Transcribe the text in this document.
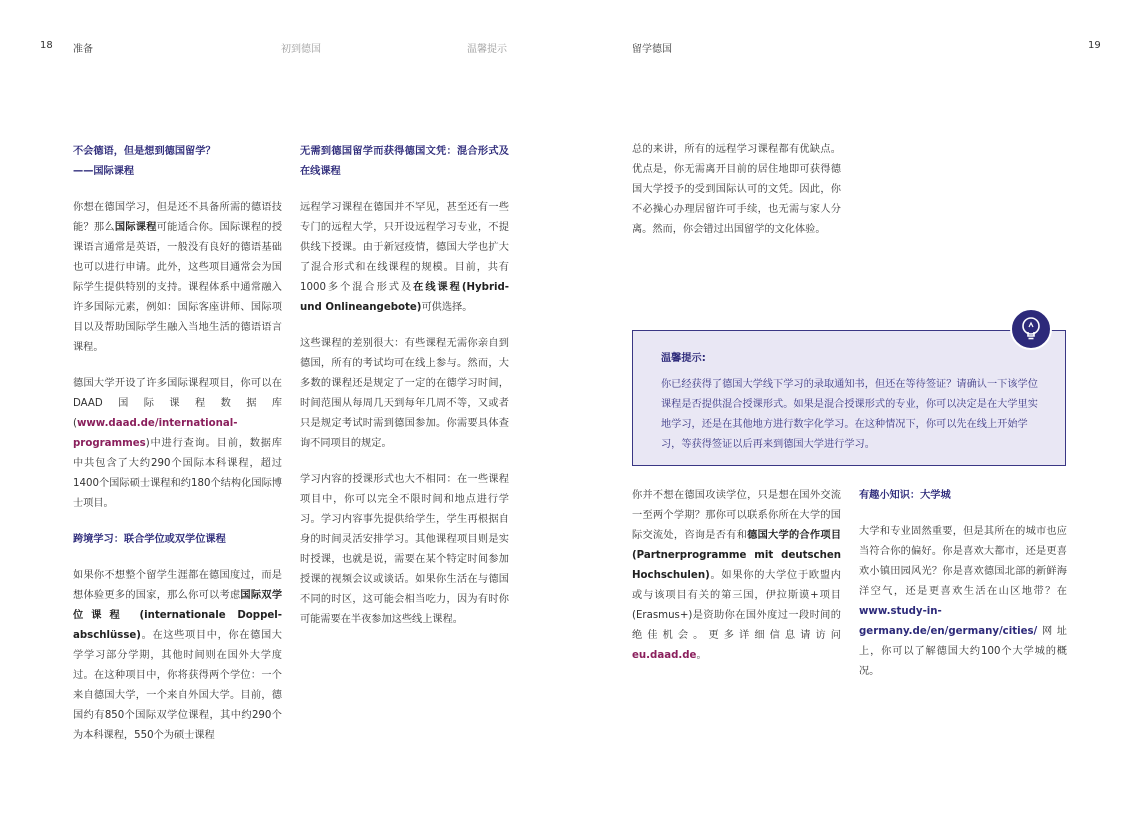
18 准备	初到德国	温馨提示	留学德国	19
不会德语，但是想到德国留学？
——国际课程

你想在德国学习，但是还不具备所需的德语技能？那么国际课程可能适合你。国际课程的授课语言通常是英语，一般没有良好的德语基础也可以进行申请。此外，这些项目通常会为国际学生提供特别的支持。课程体系中通常融入许多国际元素，例如：国际客座讲师、国际项目以及帮助国际学生融入当地生活的德语语言课程。

德国大学开设了许多国际课程项目，你可以在DAAD国际课程数据库(www.daad.de/international-programmes)中进行查询。目前，数据库中共包含了大约290个国际本科课程，超过1400个国际硕士课程和约180个结构化国际博士项目。

跨境学习：联合学位或双学位课程

如果你不想整个留学生涯都在德国度过，而是想体验更多的国家，那么你可以考虑国际双学位课程 (internationale Doppel-abschlüsse)。在这些项目中，你在德国大学学习部分学期，其他时间则在国外大学度过。在这种项目中，你将获得两个学位：一个来自德国大学，一个来自外国大学。目前，德国约有850个国际双学位课程，其中约290个为本科课程，550个为硕士课程

无需到德国留学而获得德国文凭：混合形式及在线课程

远程学习课程在德国并不罕见，甚至还有一些专门的远程大学，只开设远程学习专业，不提供线下授课。由于新冠疫情，德国大学也扩大了混合形式和在线课程的规模。目前，共有1000多个混合形式及在线课程(Hybrid- und Onlineangebote)可供选择。

这些课程的差别很大：有些课程无需你亲自到德国，所有的考试均可在线上参与。然而，大多数的课程还是规定了一定的在德学习时间，时间范围从每周几天到每年几周不等，又或者只是规定考试时需到德国参加。你需要具体查询不同项目的规定。

学习内容的授课形式也大不相同：在一些课程项目中，你可以完全不限时间和地点进行学习。学习内容事先提供给学生，学生再根据自身的时间灵活安排学习。其他课程项目则是实时授课，也就是说，需要在某个特定时间参加授课的视频会议或谈话。如果你生活在与德国不同的时区，这可能会相当吃力，因为有时你可能需要在半夜参加这些线上课程。

总的来讲，所有的远程学习课程都有优缺点。优点是，你无需离开目前的居住地即可获得德国大学授予的受到国际认可的文凭。因此，你不必操心办理居留许可手续，也无需与家人分离。然而，你会错过出国留学的文化体验。

温馨提示:
你已经获得了德国大学线下学习的录取通知书，但还在等待签证？请确认一下该学位课程是否提供混合授课形式。如果是混合授课形式的专业，你可以决定是在大学里实地学习，还是在其他地方进行数字化学习。在这种情况下，你可以先在线上开始学习，等获得签证以后再来到德国大学进行学习。

你并不想在德国攻读学位，只是想在国外交流一至两个学期？那你可以联系你所在大学的国际交流处，咨询是否有和德国大学的合作项目(Partnerprogramme mit deutschen Hochschulen)。如果你的大学位于欧盟内或与该项目有关的第三国，伊拉斯谟+项目(Erasmus+)是资助你在国外度过一段时间的绝佳机会。更多详细信息请访问eu.daad.de。

有趣小知识：大学城

大学和专业固然重要，但是其所在的城市也应当符合你的偏好。你是喜欢大都市，还是更喜欢小镇田园风光？你是喜欢德国北部的新鲜海洋空气，还是更喜欢生活在山区地带？在www.study-in-germany.de/en/germany/cities/网址上，你可以了解德国大约100个大学城的概况。
